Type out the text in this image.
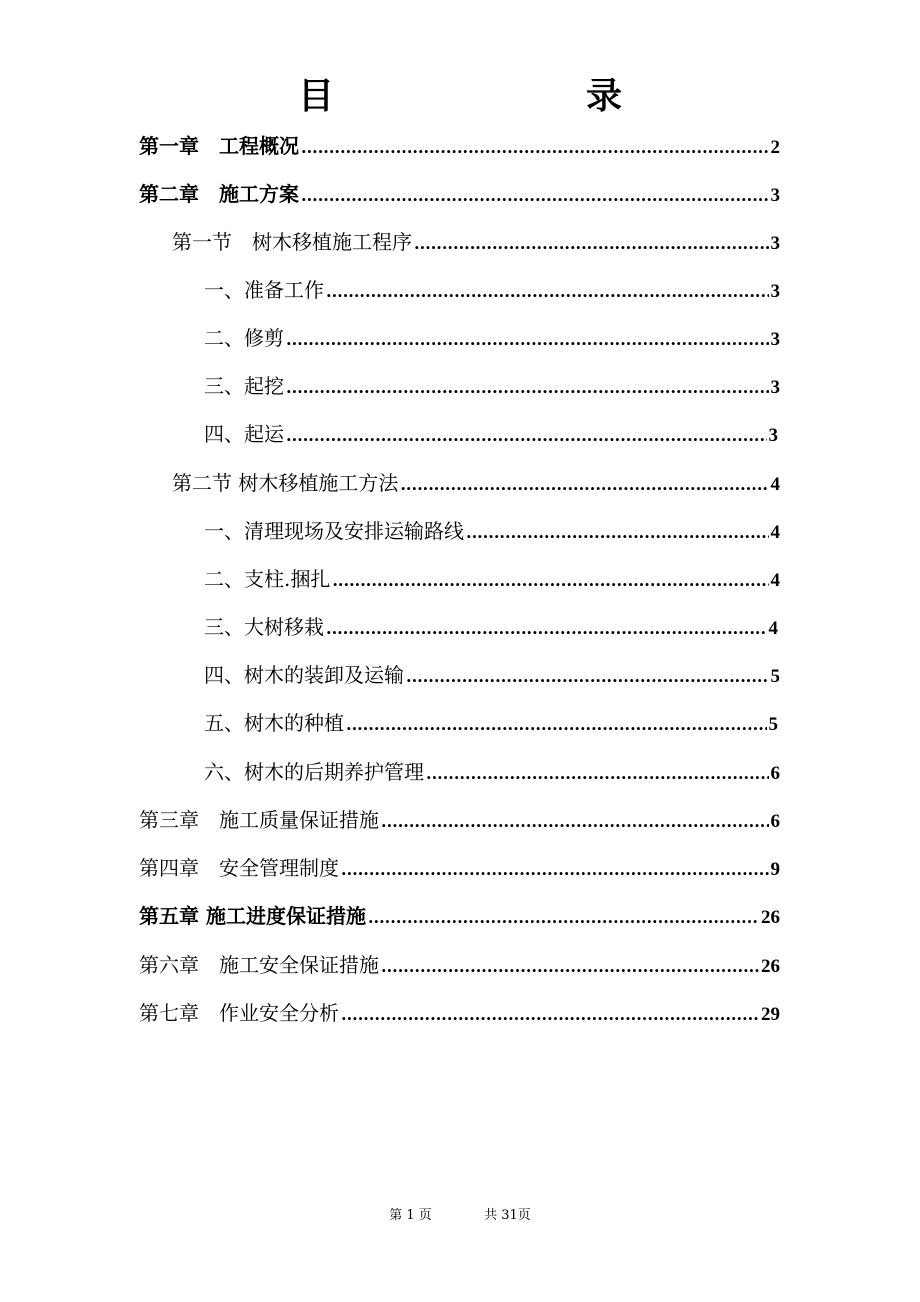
目　　录
第一章　工程概况 .....	2
第二章　施工方案 .....	3
第一节　树木移植施工程序 .....	3
一、准备工作 .....	3
二、修剪 .....	3
三、起挖 .....	3
四、起运 .....	3
第二节 树木移植施工方法 .....	4
一、清理现场及安排运输路线 .....	4
二、支柱.捆扎 .....	4
三、大树移栽 .....	4
四、树木的装卸及运输 .....	5
五、树木的种植 .....	5
六、树木的后期养护管理 .....	6
第三章　施工质量保证措施 .....	6
第四章　安全管理制度 .....	9
第五章 施工进度保证措施 .....	26
第六章　施工安全保证措施 .....	26
第七章　作业安全分析 .....	29
第 1 页	共 31页
